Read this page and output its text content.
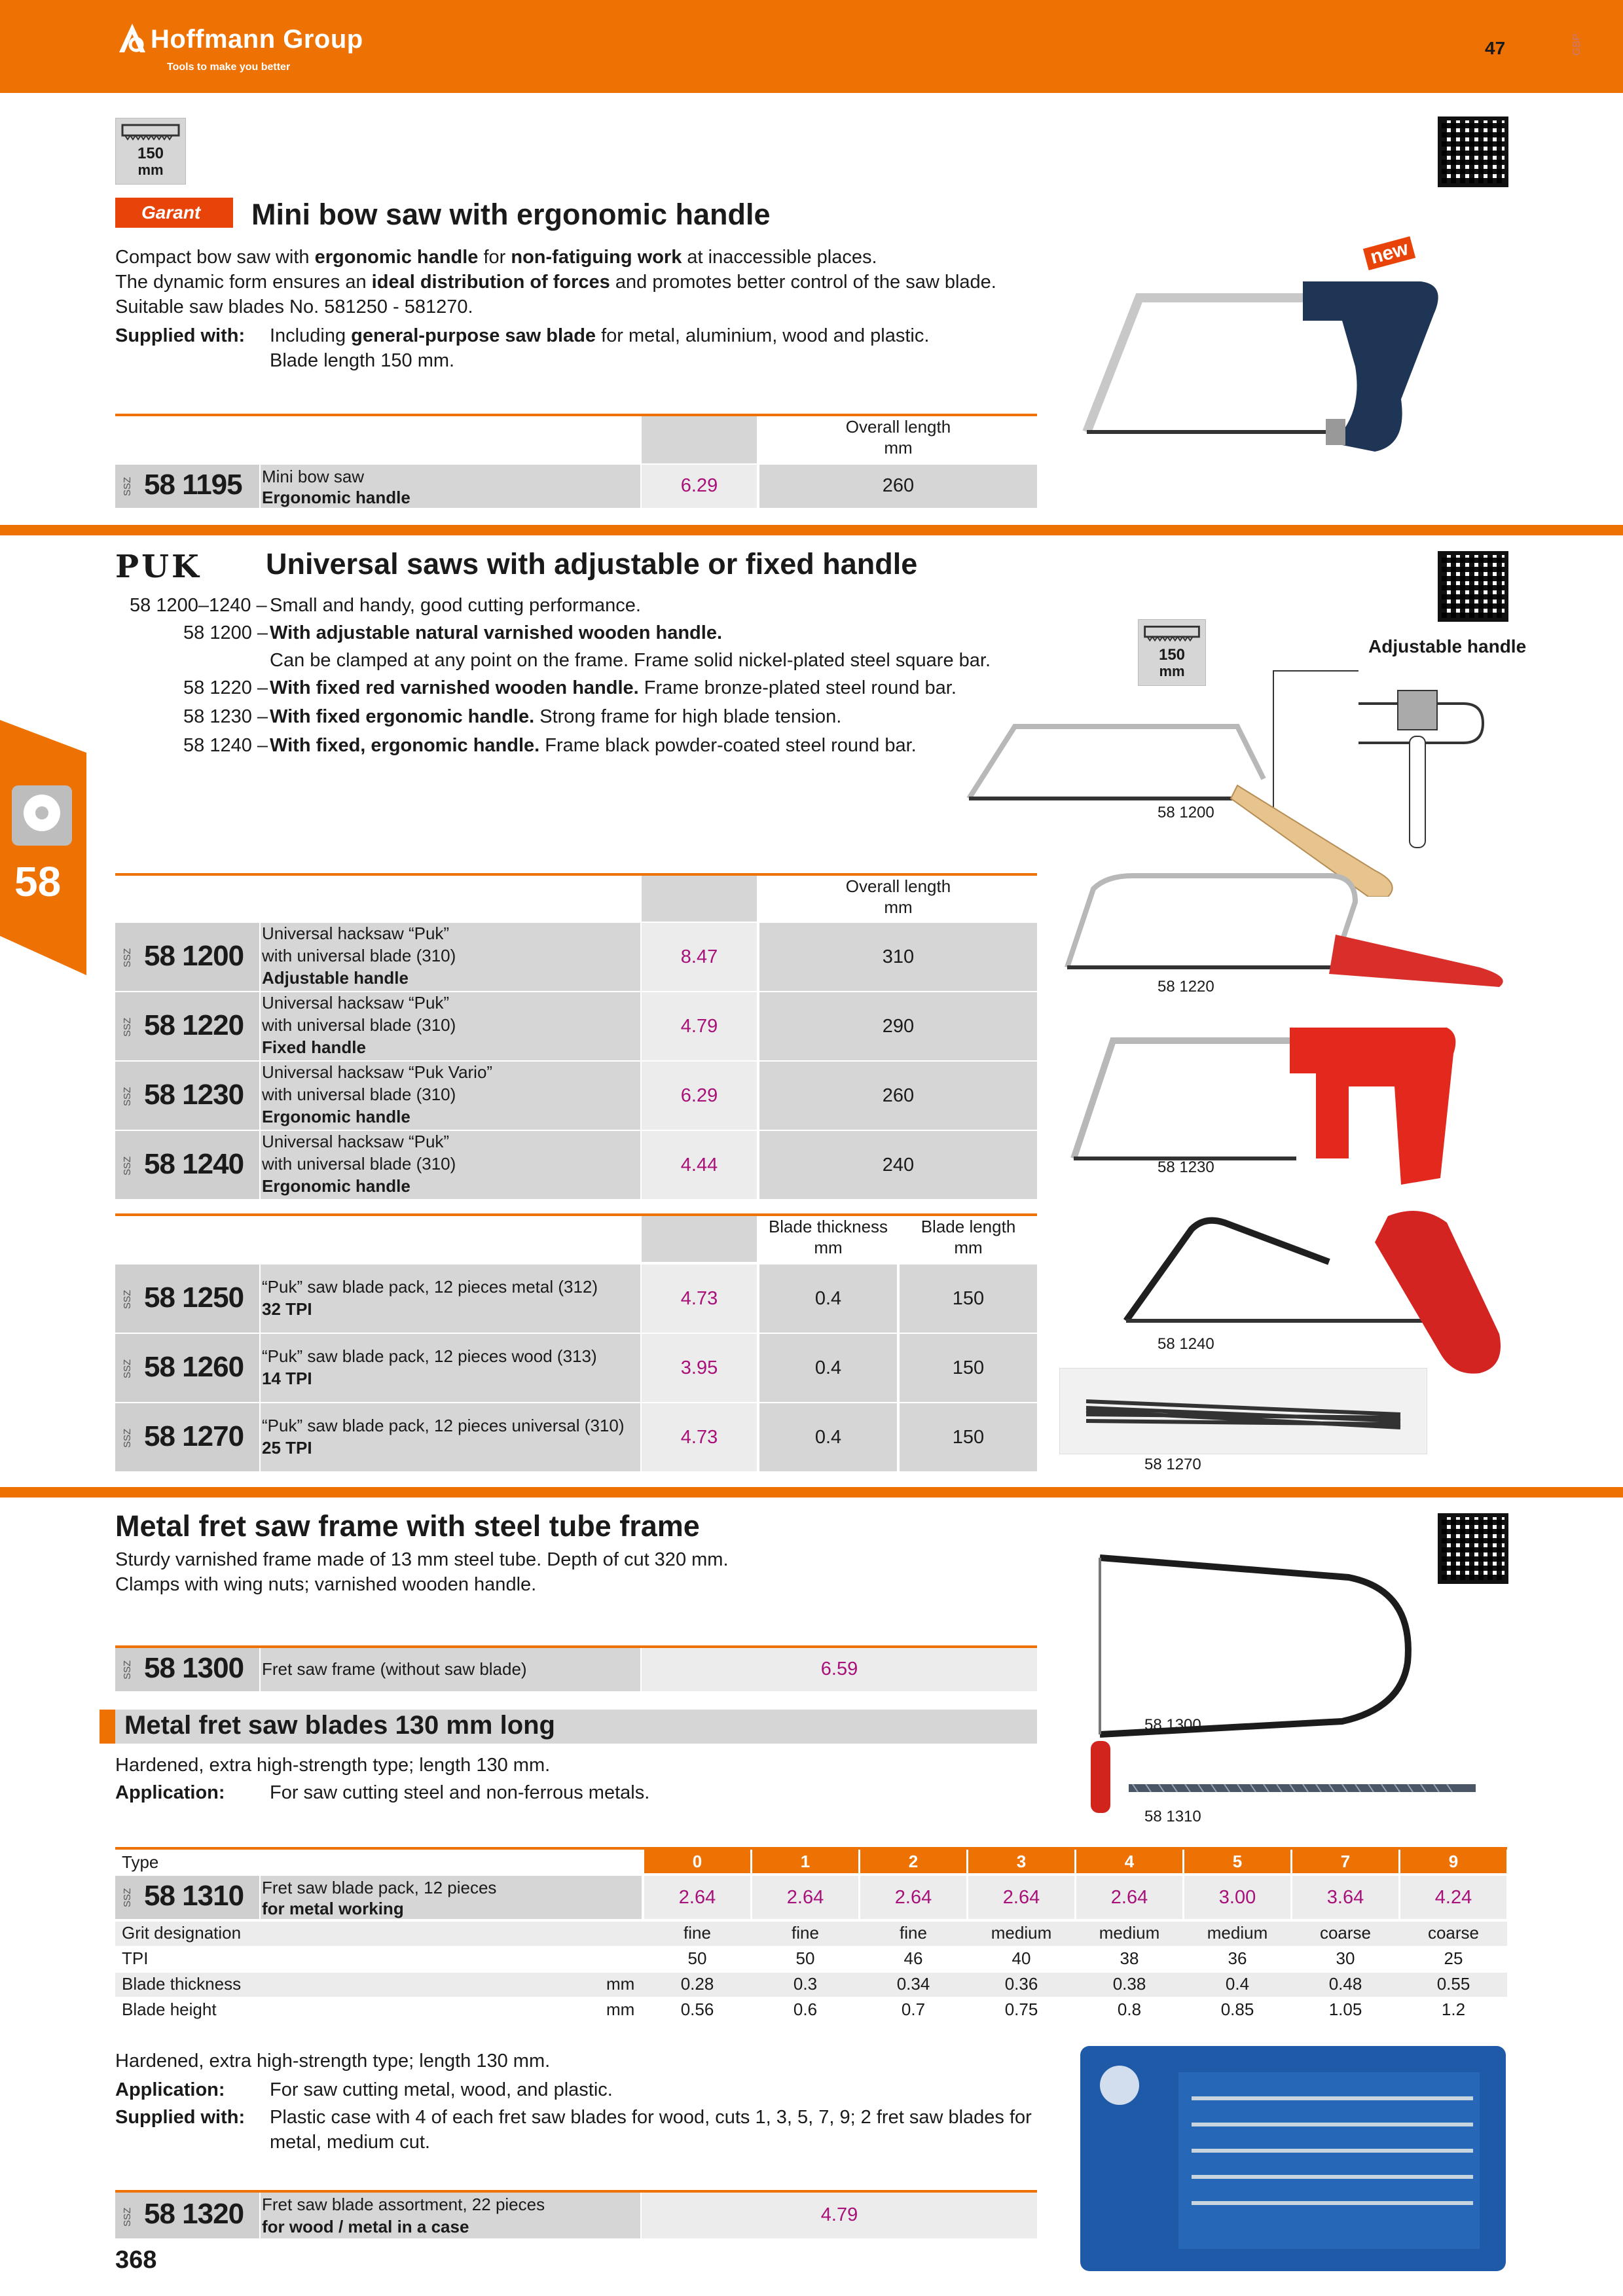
Hoffmann Group
Tools to make you better
47	GBP
58
150
mm
Garant	Mini bow saw with ergonomic handle
Compact bow saw with ergonomic handle for non-fatiguing work at inaccessible places.
The dynamic form ensures an ideal distribution of forces and promotes better control of the saw blade.
Suitable saw blades No. 581250 - 581270.
Supplied with: Including general-purpose saw blade for metal, aluminium, wood and plastic.
Blade length 150 mm.
new
Overall length
mm
SSZ 58 1195 Mini bow saw
Ergonomic handle
6.29	260
PUK Universal saws with adjustable or fixed handle
58 1200–1240 – Small and handy, good cutting performance.
58 1200 – With adjustable natural varnished wooden handle.
Can be clamped at any point on the frame. Frame solid nickel-plated steel square bar.
58 1220 – With fixed red varnished wooden handle. Frame bronze-plated steel round bar.
58 1230 – With fixed ergonomic handle. Strong frame for high blade tension.
58 1240 – With fixed, ergonomic handle. Frame black powder-coated steel round bar.
150
mm
Adjustable handle
58 1200
58 1220
58 1230
58 1240
58 1270
Overall length
mm
SSZ 58 1200
Universal hacksaw “Puk”
with universal blade (310)
Adjustable handle
8.47	310
SSZ 58 1220
Universal hacksaw “Puk”
with universal blade (310)
Fixed handle
4.79	290
SSZ 58 1230
Universal hacksaw “Puk Vario”
with universal blade (310)
Ergonomic handle
6.29	260
SSZ 58 1240
Universal hacksaw “Puk”
with universal blade (310)
Ergonomic handle
4.44	240
Blade thickness
mm
Blade length
mm
SSZ 58 1250 “Puk” saw blade pack, 12 pieces metal (312)
32 TPI	4.73	0.4	150
SSZ 58 1260 “Puk” saw blade pack, 12 pieces wood (313)
14 TPI	3.95	0.4	150
SSZ 58 1270 “Puk” saw blade pack, 12 pieces universal (310)
25 TPI	4.73	0.4	150
Metal fret saw frame with steel tube frame
Sturdy varnished frame made of 13 mm steel tube. Depth of cut 320 mm.
Clamps with wing nuts; varnished wooden handle.
58 1300
SSZ 58 1300 Fret saw frame (without saw blade)	6.59
Metal fret saw blades 130 mm long
Hardened, extra high-strength type; length 130 mm.
Application: For saw cutting steel and non-ferrous metals.
58 1310
Type	0	1	2	3	4	5	7	9
SSZ 58 1310 Fret saw blade pack, 12 pieces
for metal working
2.64	2.64	2.64	2.64	2.64	3.00	3.64	4.24
Grit designation	fine	fine	fine	medium	medium	medium	coarse	coarse
TPI	50	50	46	40	38	36	30	25
Blade thickness	mm	0.28	0.3	0.34	0.36	0.38	0.4	0.48	0.55
Blade height	mm	0.56	0.6	0.7	0.75	0.8	0.85	1.05	1.2
Hardened, extra high-strength type; length 130 mm.
Application: For saw cutting metal, wood, and plastic.
Supplied with: Plastic case with 4 of each fret saw blades for wood, cuts 1, 3, 5, 7, 9; 2 fret saw blades for
metal, medium cut.
SSZ 58 1320 Fret saw blade assortment, 22 pieces
for wood / metal in a case
4.79
368
